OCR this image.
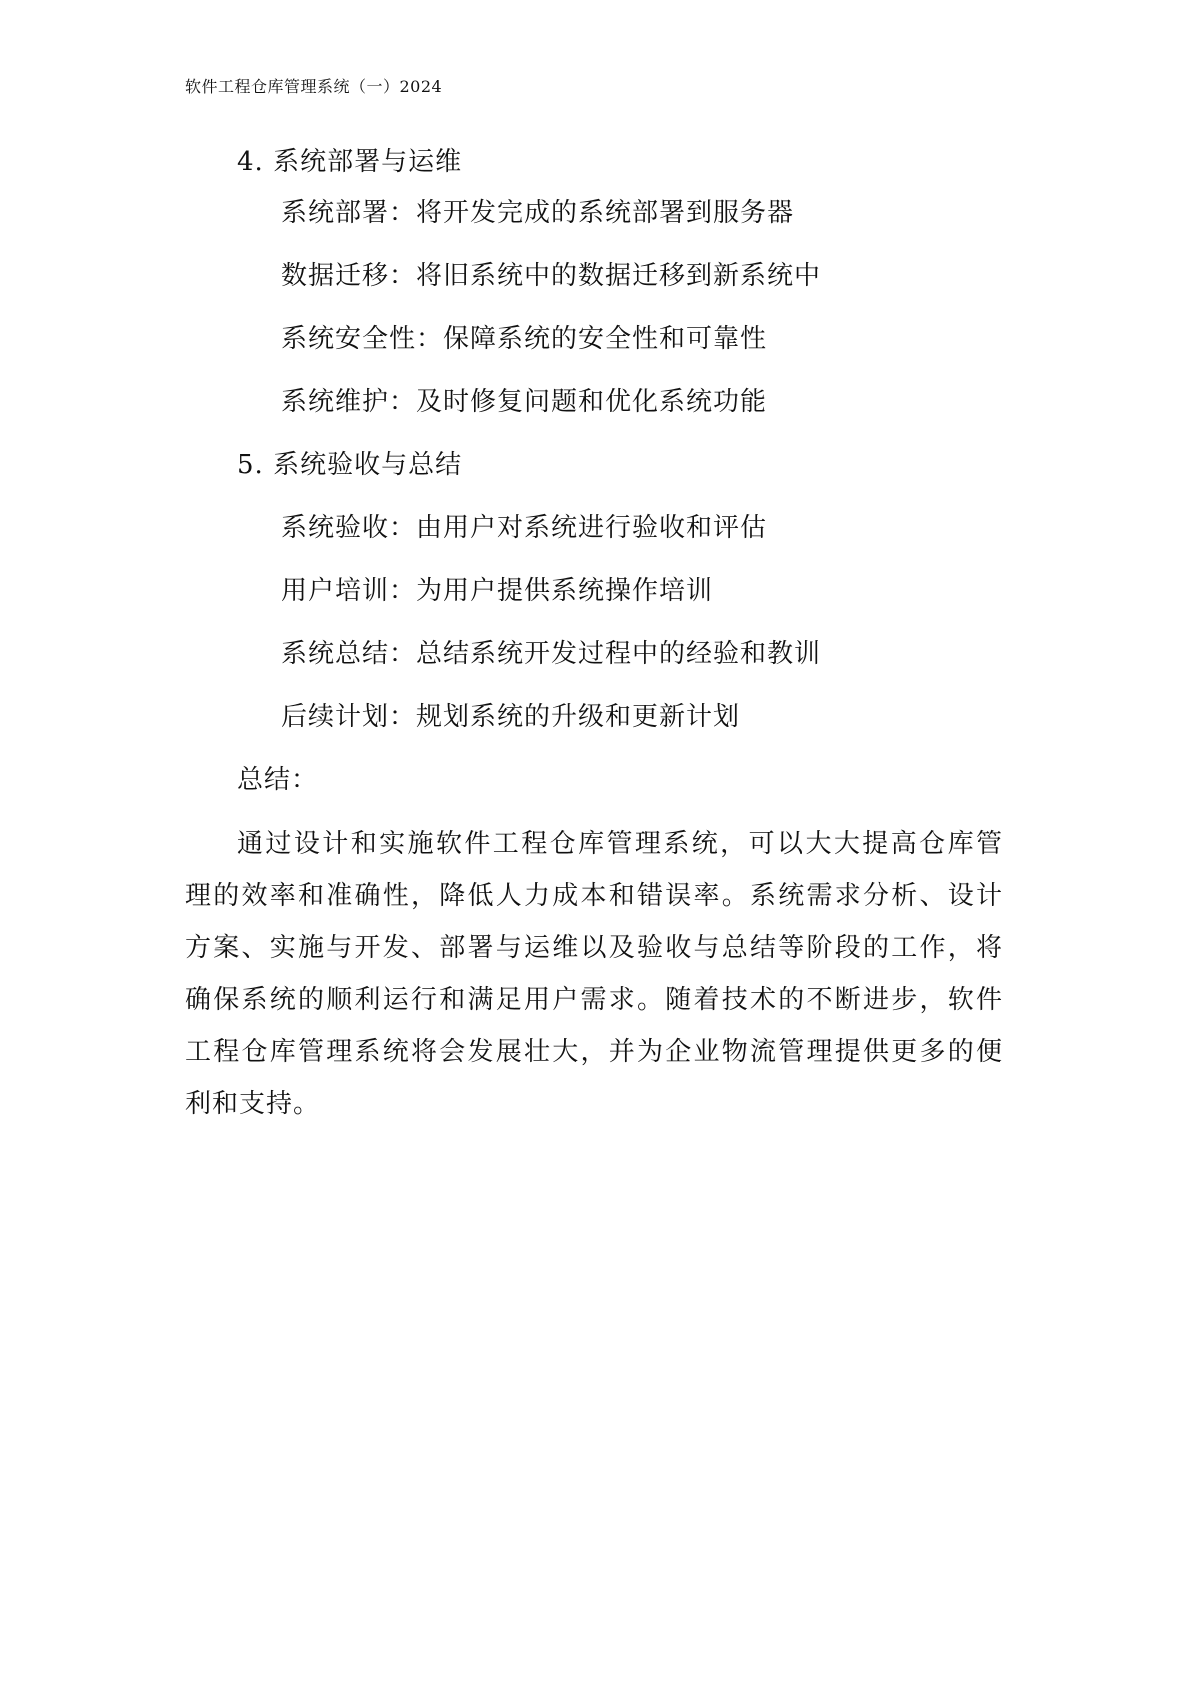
软件工程仓库管理系统（一）2024
4. 系统部署与运维
系统部署：将开发完成的系统部署到服务器
数据迁移：将旧系统中的数据迁移到新系统中
系统安全性：保障系统的安全性和可靠性
系统维护：及时修复问题和优化系统功能
5. 系统验收与总结
系统验收：由用户对系统进行验收和评估
用户培训：为用户提供系统操作培训
系统总结：总结系统开发过程中的经验和教训
后续计划：规划系统的升级和更新计划
总结：
通过设计和实施软件工程仓库管理系统，可以大大提高仓库管
理的效率和准确性，降低人力成本和错误率。系统需求分析、设计
方案、实施与开发、部署与运维以及验收与总结等阶段的工作，将
确保系统的顺利运行和满足用户需求。随着技术的不断进步，软件
工程仓库管理系统将会发展壮大，并为企业物流管理提供更多的便
利和支持。
